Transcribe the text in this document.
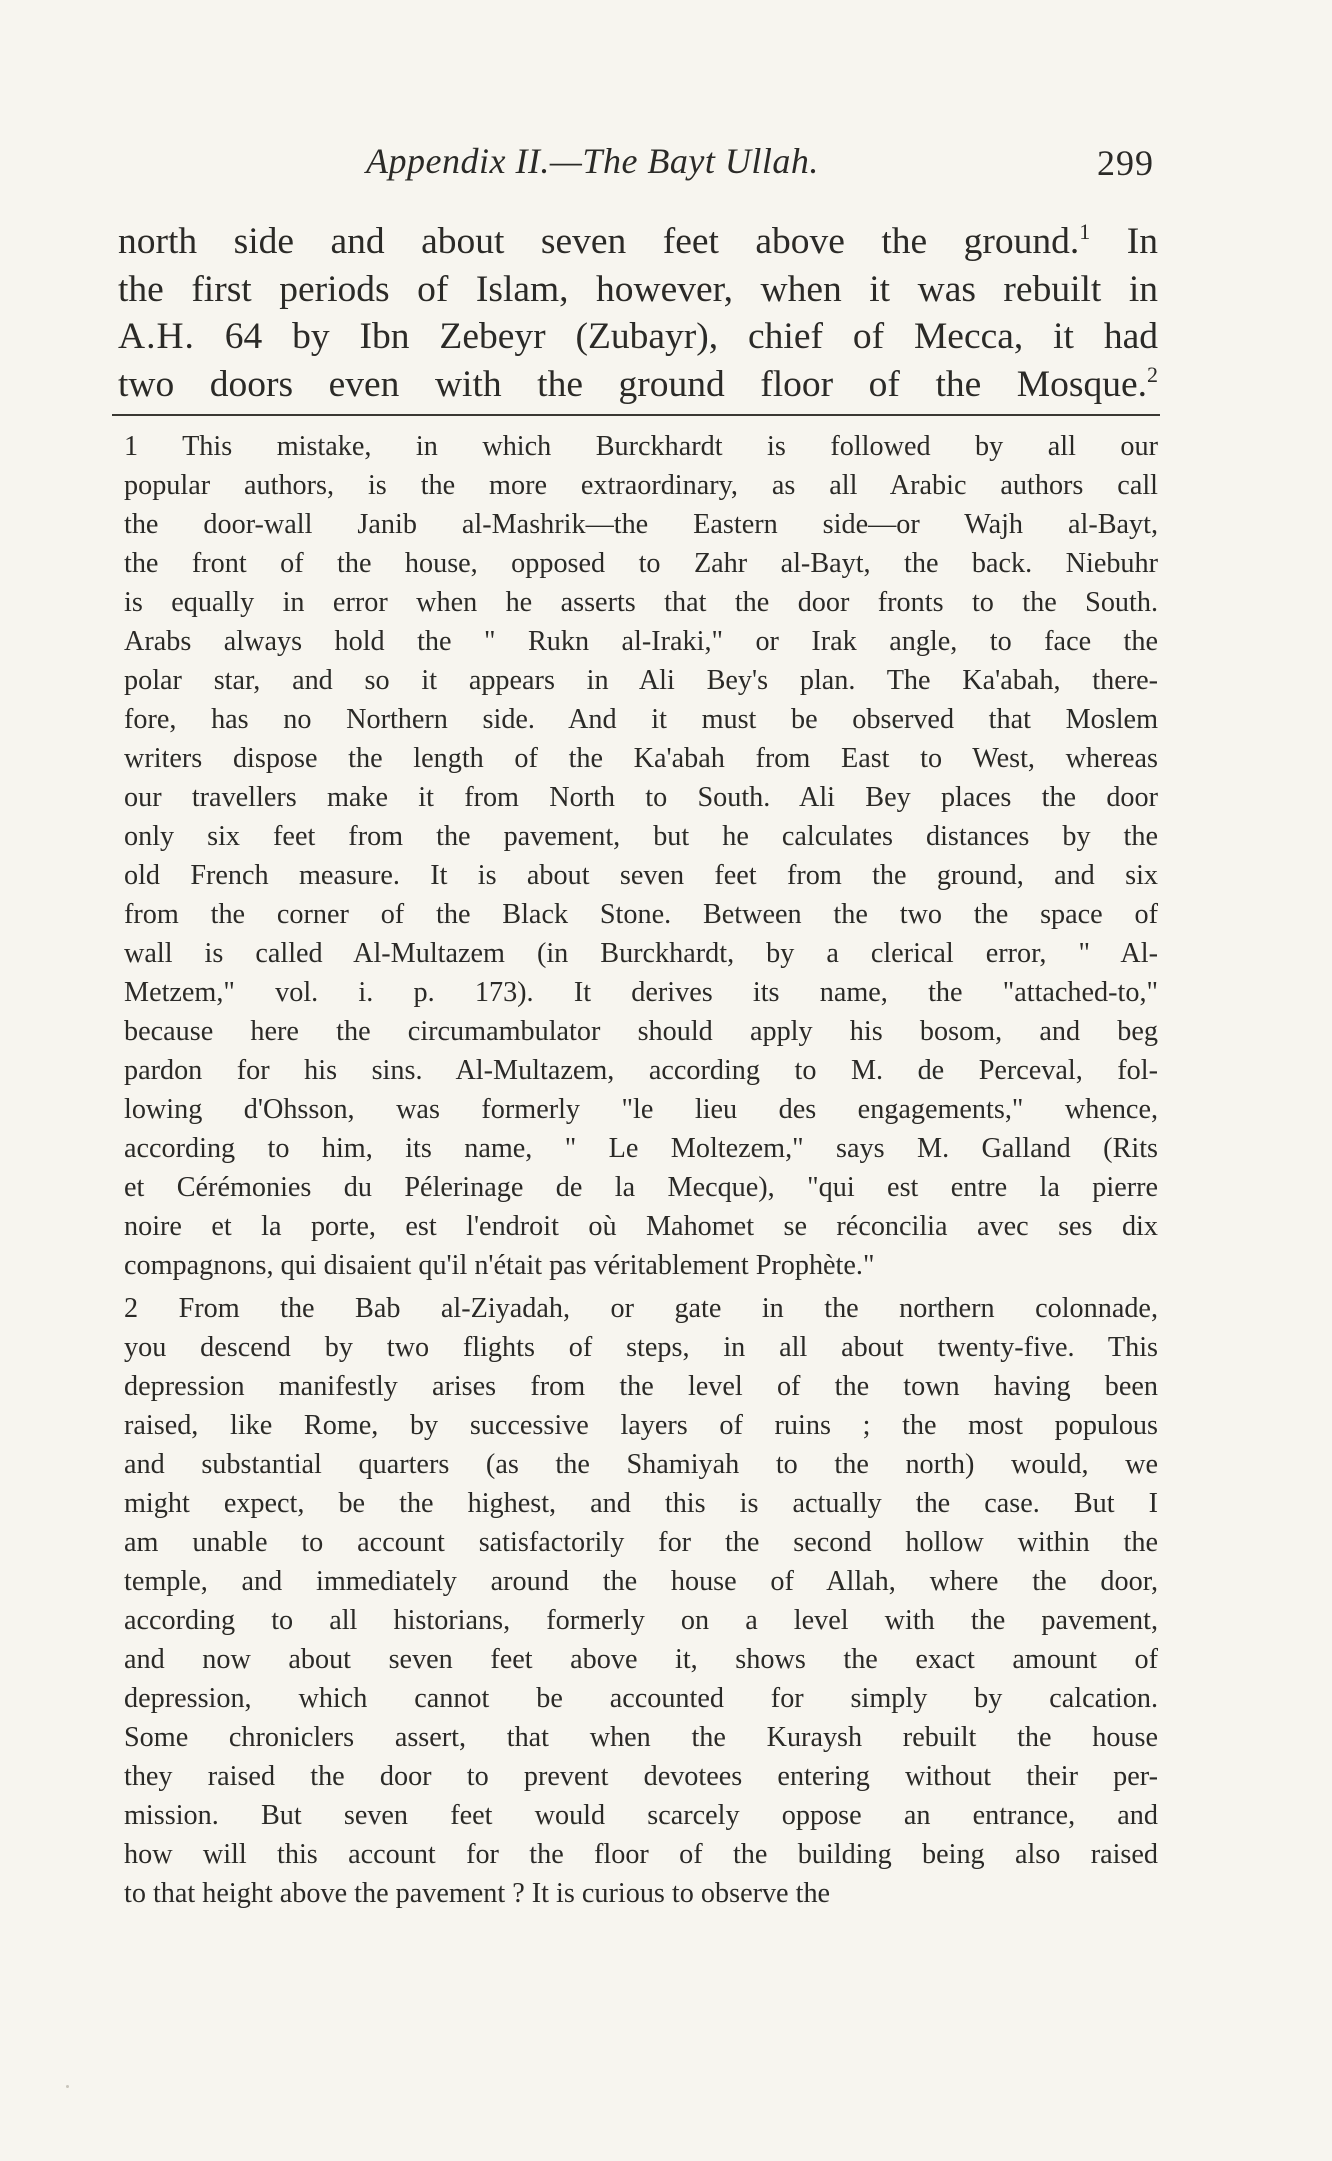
Appendix II.—The Bayt Ullah.	299
north side and about seven feet above the ground.$^1$ In
the first periods of Islam, however, when it was rebuilt in
A.H. 64 by Ibn Zebeyr (Zubayr), chief of Mecca, it had
two doors even with the ground floor of the Mosque.$^2$
1 This mistake, in which Burckhardt is followed by all our
popular authors, is the more extraordinary, as all Arabic authors call
the door-wall Janib al-Mashrik—the Eastern side—or Wajh al-Bayt,
the front of the house, opposed to Zahr al-Bayt, the back. Niebuhr
is equally in error when he asserts that the door fronts to the South.
Arabs always hold the " Rukn al-Iraki," or Irak angle, to face the
polar star, and so it appears in Ali Bey's plan. The Ka'abah, there-
fore, has no Northern side. And it must be observed that Moslem
writers dispose the length of the Ka'abah from East to West, whereas
our travellers make it from North to South. Ali Bey places the door
only six feet from the pavement, but he calculates distances by the
old French measure. It is about seven feet from the ground, and six
from the corner of the Black Stone. Between the two the space of
wall is called Al-Multazem (in Burckhardt, by a clerical error, " Al-
Metzem," vol. i. p. 173). It derives its name, the "attached-to,"
because here the circumambulator should apply his bosom, and beg
pardon for his sins. Al-Multazem, according to M. de Perceval, fol-
lowing d'Ohsson, was formerly "le lieu des engagements," whence,
according to him, its name, " Le Moltezem," says M. Galland (Rits
et Cérémonies du Pélerinage de la Mecque), "qui est entre la pierre
noire et la porte, est l'endroit où Mahomet se réconcilia avec ses dix
compagnons, qui disaient qu'il n'était pas véritablement Prophète."
2 From the Bab al-Ziyadah, or gate in the northern colonnade,
you descend by two flights of steps, in all about twenty-five. This
depression manifestly arises from the level of the town having been
raised, like Rome, by successive layers of ruins ; the most populous
and substantial quarters (as the Shamiyah to the north) would, we
might expect, be the highest, and this is actually the case. But I
am unable to account satisfactorily for the second hollow within the
temple, and immediately around the house of Allah, where the door,
according to all historians, formerly on a level with the pavement,
and now about seven feet above it, shows the exact amount of
depression, which cannot be accounted for simply by calcation.
Some chroniclers assert, that when the Kuraysh rebuilt the house
they raised the door to prevent devotees entering without their per-
mission. But seven feet would scarcely oppose an entrance, and
how will this account for the floor of the building being also raised
to that height above the pavement ? It is curious to observe the
